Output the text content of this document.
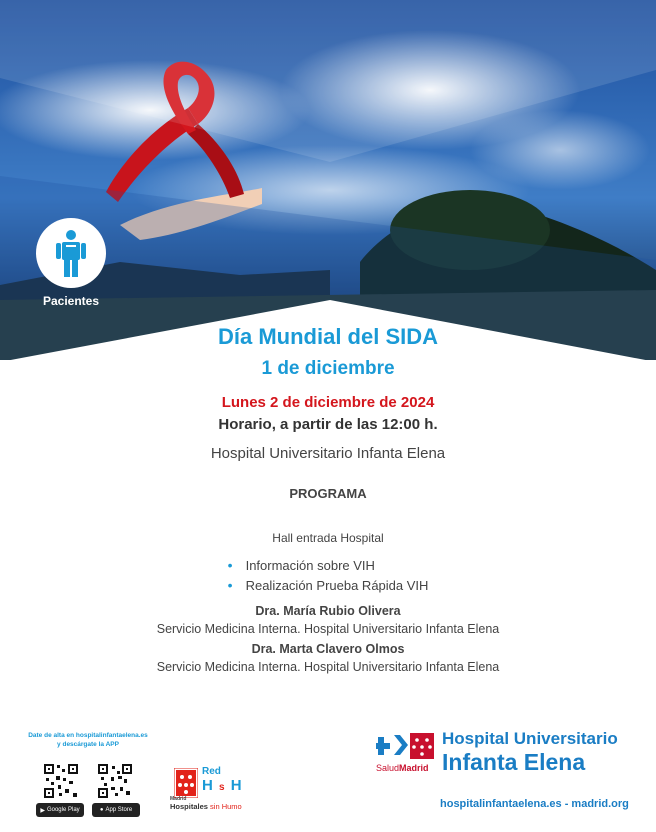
Pacientes
Día Mundial del SIDA
1 de diciembre
Lunes 2 de diciembre de 2024
Horario, a partir de las 12:00 h.
Hospital Universitario Infanta Elena
PROGRAMA
Hall entrada Hospital
• Información sobre VIH
• Realización Prueba Rápida VIH
Dra. María Rubio Olivera
Servicio Medicina Interna. Hospital Universitario Infanta Elena
Dra. Marta Clavero Olmos
Servicio Medicina Interna. Hospital Universitario Infanta Elena
Date de alta en hospitalinfantaelena.es
y descárgate la APP
▶ Google Play	● App Store
Red
H s H
Madrid
Hospitales sin Humo
SaludMadrid
Hospital Universitario
Infanta Elena
hospitalinfantaelena.es - madrid.org
